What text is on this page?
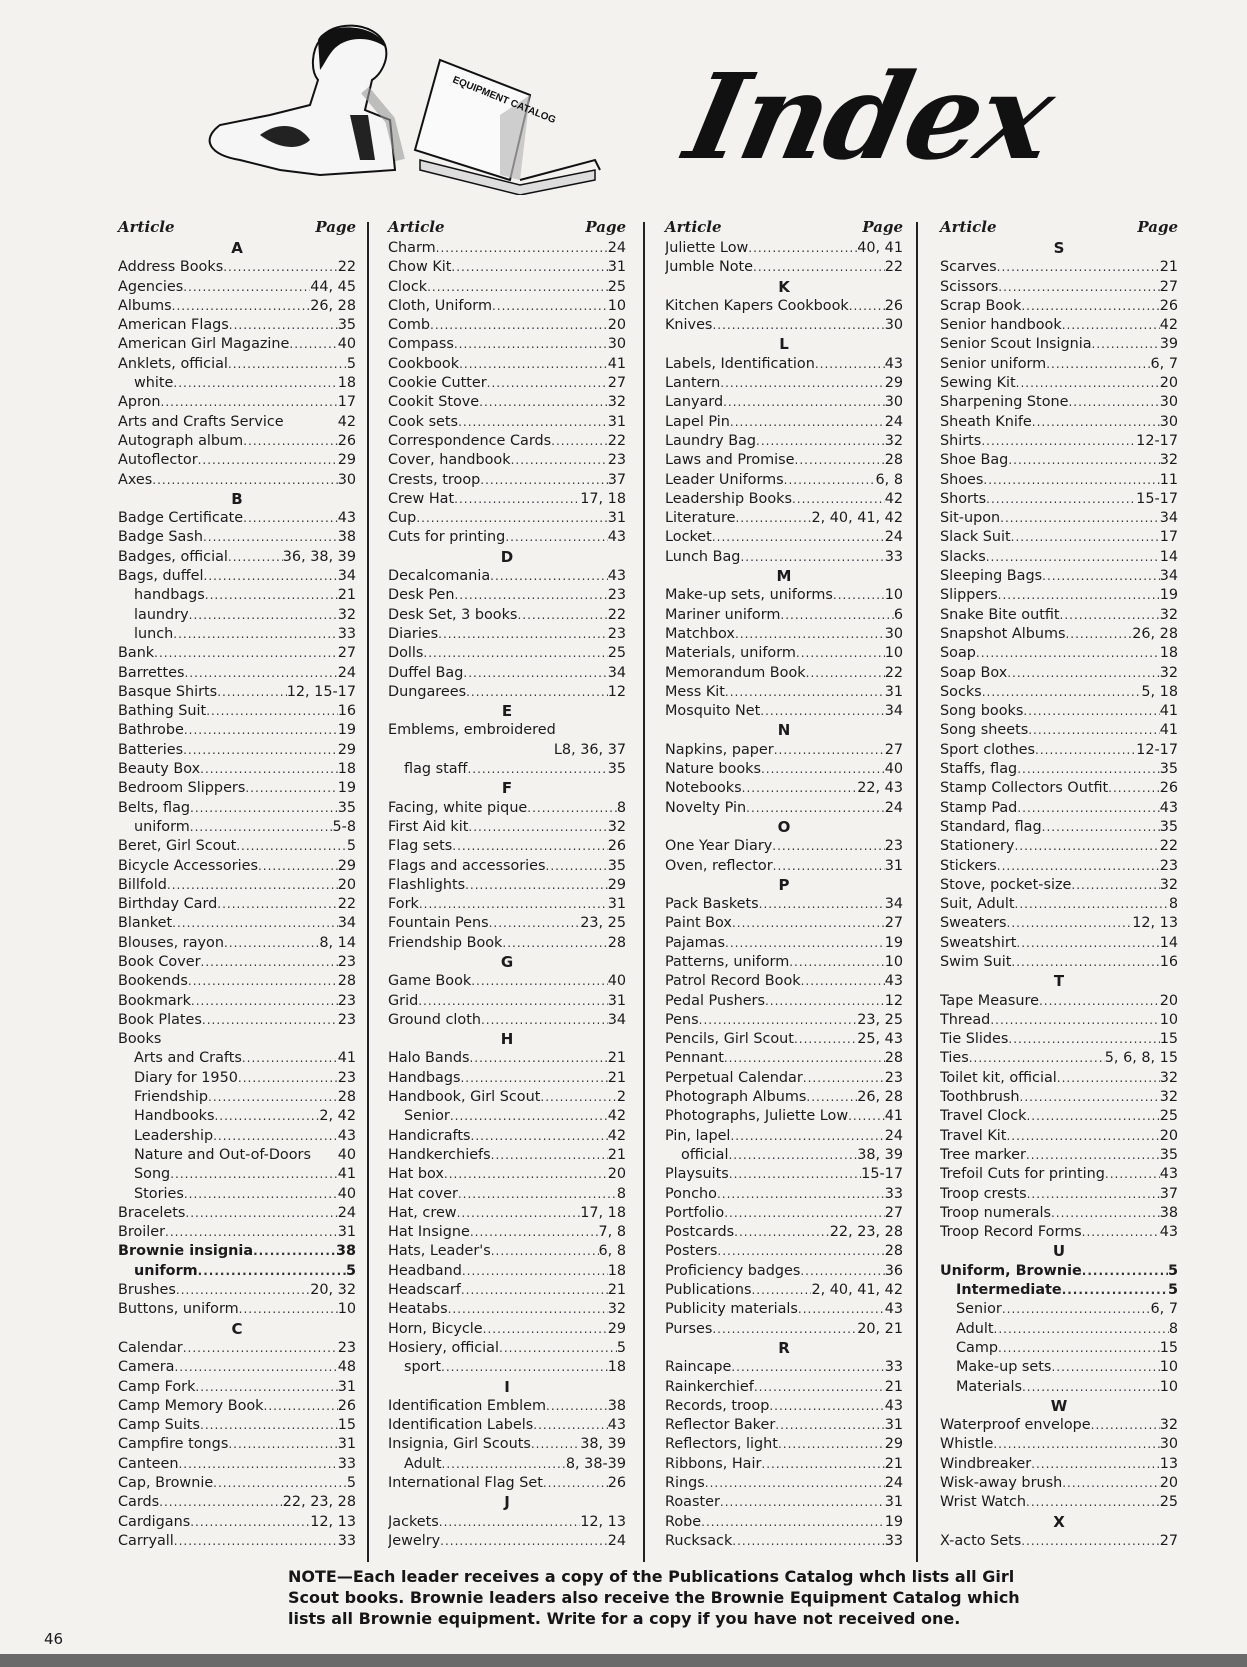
EQUIPMENT CATALOG Index
Article	Page
A
Address Books .....	22
Agencies .....	44, 45
Albums .....	26, 28
American Flags .....	35
American Girl Magazine .....	40
Anklets, official .....	5
white .....	18
Apron .....	17
Arts and Crafts Service	42
Autograph album .....	26
Autoflector .....	29
Axes .....	30
B
Badge Certificate .....	43
Badge Sash .....	38
Badges, official .....	36, 38, 39
Bags, duffel .....	34
handbags .....	21
laundry .....	32
lunch .....	33
Bank .....	27
Barrettes .....	24
Basque Shirts .....	12, 15-17
Bathing Suit .....	16
Bathrobe .....	19
Batteries .....	29
Beauty Box .....	18
Bedroom Slippers .....	19
Belts, flag .....	35
uniform .....	5-8
Beret, Girl Scout .....	5
Bicycle Accessories .....	29
Billfold .....	20
Birthday Card .....	22
Blanket .....	34
Blouses, rayon .....	8, 14
Book Cover .....	23
Bookends .....	28
Bookmark .....	23
Book Plates .....	23
Books
Arts and Crafts .....	41
Diary for 1950 .....	23
Friendship .....	28
Handbooks .....	2, 42
Leadership .....	43
Nature and Out-of-Doors 40
Song .....	41
Stories .....	40
Bracelets .....	24
Broiler .....	31
Brownie insignia .....	38
uniform .....	5
Brushes .....	20, 32
Buttons, uniform .....	10
C
Calendar .....	23
Camera .....	48
Camp Fork .....	31
Camp Memory Book .....	26
Camp Suits .....	15
Campfire tongs .....	31
Canteen .....	33
Cap, Brownie .....	5
Cards .....	22, 23, 28
Cardigans .....	12, 13
Carryall .....	33
Article	Page
Charm .....	24
Chow Kit .....	31
Clock .....	25
Cloth, Uniform .....	10
Comb .....	20
Compass .....	30
Cookbook .....	41
Cookie Cutter .....	27
Cookit Stove .....	32
Cook sets .....	31
Correspondence Cards .....	22
Cover, handbook .....	23
Crests, troop .....	37
Crew Hat .....	17, 18
Cup .....	31
Cuts for printing .....	43
D
Decalcomania .....	43
Desk Pen .....	23
Desk Set, 3 books .....	22
Diaries .....	23
Dolls .....	25
Duffel Bag .....	34
Dungarees .....	12
E
Emblems, embroidered
L8, 36, 37
flag staff .....	35
F
Facing, white pique .....	8
First Aid kit .....	32
Flag sets .....	26
Flags and accessories .....	35
Flashlights .....	29
Fork .....	31
Fountain Pens .....	23, 25
Friendship Book .....	28
G
Game Book .....	40
Grid .....	31
Ground cloth .....	34
H
Halo Bands .....	21
Handbags .....	21
Handbook, Girl Scout .....	2
Senior .....	42
Handicrafts .....	42
Handkerchiefs .....	21
Hat box .....	20
Hat cover .....	8
Hat, crew .....	17, 18
Hat Insigne .....	7, 8
Hats, Leader's .....	6, 8
Headband .....	18
Headscarf .....	21
Heatabs .....	32
Horn, Bicycle .....	29
Hosiery, official .....	5
sport .....	18
I
Identification Emblem .....	38
Identification Labels .....	43
Insignia, Girl Scouts .....	38, 39
Adult .....	8, 38-39
International Flag Set .....	26
J
Jackets .....	12, 13
Jewelry .....	24
Article	Page
Juliette Low .....	40, 41
Jumble Note .....	22
K
Kitchen Kapers Cookbook ..... 26
Knives .....	30
L
Labels, Identification .....	43
Lantern .....	29
Lanyard .....	30
Lapel Pin .....	24
Laundry Bag .....	32
Laws and Promise .....	28
Leader Uniforms .....	6, 8
Leadership Books .....	42
Literature .....	2, 40, 41, 42
Locket .....	24
Lunch Bag .....	33
M
Make-up sets, uniforms .....	10
Mariner uniform .....	6
Matchbox .....	30
Materials, uniform .....	10
Memorandum Book .....	22
Mess Kit .....	31
Mosquito Net .....	34
N
Napkins, paper .....	27
Nature books .....	40
Notebooks .....	22, 43
Novelty Pin .....	24
O
One Year Diary .....	23
Oven, reflector .....	31
P
Pack Baskets .....	34
Paint Box .....	27
Pajamas .....	19
Patterns, uniform .....	10
Patrol Record Book .....	43
Pedal Pushers .....	12
Pens .....	23, 25
Pencils, Girl Scout .....	25, 43
Pennant .....	28
Perpetual Calendar .....	23
Photograph Albums .....	26, 28
Photographs, Juliette Low .....	41
Pin, lapel .....	24
official .....	38, 39
Playsuits .....	15-17
Poncho .....	33
Portfolio .....	27
Postcards .....	22, 23, 28
Posters .....	28
Proficiency badges .....	36
Publications .....	2, 40, 41, 42
Publicity materials .....	43
Purses .....	20, 21
R
Raincape .....	33
Rainkerchief .....	21
Records, troop .....	43
Reflector Baker .....	31
Reflectors, light .....	29
Ribbons, Hair .....	21
Rings .....	24
Roaster .....	31
Robe .....	19
Rucksack .....	33
Article	Page
S
Scarves .....	21
Scissors .....	27
Scrap Book .....	26
Senior handbook .....	42
Senior Scout Insignia .....	39
Senior uniform .....	6, 7
Sewing Kit .....	20
Sharpening Stone .....	30
Sheath Knife .....	30
Shirts .....	12-17
Shoe Bag .....	32
Shoes .....	11
Shorts .....	15-17
Sit-upon .....	34
Slack Suit .....	17
Slacks .....	14
Sleeping Bags .....	34
Slippers .....	19
Snake Bite outfit .....	32
Snapshot Albums .....	26, 28
Soap .....	18
Soap Box .....	32
Socks .....	5, 18
Song books .....	41
Song sheets .....	41
Sport clothes .....	12-17
Staffs, flag .....	35
Stamp Collectors Outfit .....	26
Stamp Pad .....	43
Standard, flag .....	35
Stationery .....	22
Stickers .....	23
Stove, pocket-size .....	32
Suit, Adult .....	8
Sweaters .....	12, 13
Sweatshirt .....	14
Swim Suit .....	16
T
Tape Measure .....	20
Thread .....	10
Tie Slides .....	15
Ties .....	5, 6, 8, 15
Toilet kit, official .....	32
Toothbrush .....	32
Travel Clock .....	25
Travel Kit .....	20
Tree marker .....	35
Trefoil Cuts for printing .....	43
Troop crests .....	37
Troop numerals .....	38
Troop Record Forms .....	43
U
Uniform, Brownie .....	5
Intermediate .....	5
Senior .....	6, 7
Adult .....	8
Camp .....	15
Make-up sets .....	10
Materials .....	10
W
Waterproof envelope .....	32
Whistle .....	30
Windbreaker .....	13
Wisk-away brush .....	20
Wrist Watch .....	25
X
X-acto Sets .....	27
NOTE—Each leader receives a copy of the Publications Catalog whch lists all Girl Scout books. Brownie leaders also receive the Brownie Equipment Catalog which lists all Brownie equipment. Write for a copy if you have not received one.
46
